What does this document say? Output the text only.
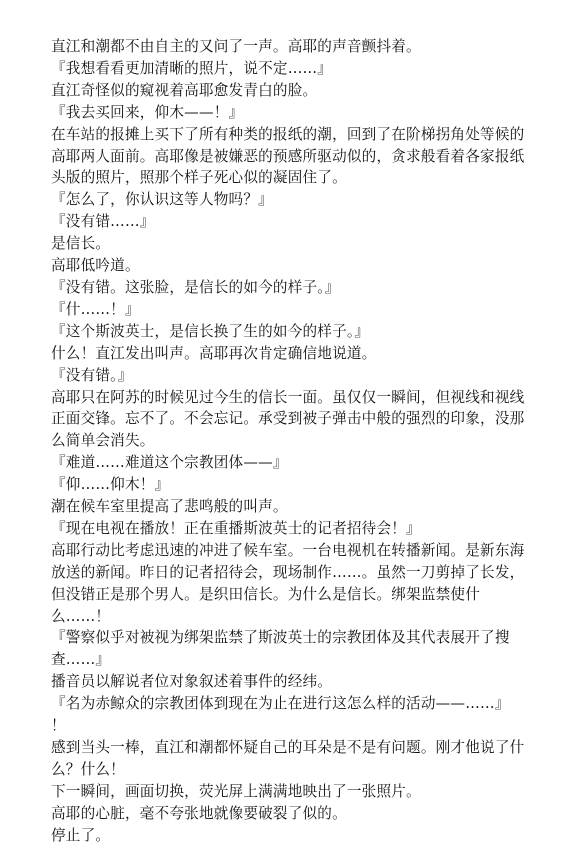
直江和潮都不由自主的又问了一声。高耶的声音颤抖着。

『我想看看更加清晰的照片，说不定……』

直江奇怪似的窥视着高耶愈发青白的脸。

『我去买回来，仰木——！』

在车站的报摊上买下了所有种类的报纸的潮，回到了在阶梯拐角处等候的高耶两人面前。高耶像是被嫌恶的预感所驱动似的，贪求般看着各家报纸头版的照片，照那个样子死心似的凝固住了。

『怎么了，你认识这等人物吗？』

『没有错……』

是信长。

高耶低吟道。

『没有错。这张脸，是信长的如今的样子。』

『什……！』

『这个斯波英士，是信长换了生的如今的样子。』

什么！直江发出叫声。高耶再次肯定确信地说道。

『没有错。』

高耶只在阿苏的时候见过今生的信长一面。虽仅仅一瞬间，但视线和视线正面交锋。忘不了。不会忘记。承受到被子弹击中般的强烈的印象，没那么简单会消失。

『难道……难道这个宗教团体——』

『仰……仰木！』

潮在候车室里提高了悲鸣般的叫声。

『现在电视在播放！正在重播斯波英士的记者招待会！』

高耶行动比考虑迅速的冲进了候车室。一台电视机在转播新闻。是新东海放送的新闻。昨日的记者招待会，现场制作……。虽然一刀剪掉了长发，但没错正是那个男人。是织田信长。为什么是信长。绑架监禁使什么……！

『警察似乎对被视为绑架监禁了斯波英士的宗教团体及其代表展开了搜查……』

播音员以解说者位对象叙述着事件的经纬。

『名为赤鲸众的宗教团体到现在为止在进行这怎么样的活动——……』

！

感到当头一棒，直江和潮都怀疑自己的耳朵是不是有问题。刚才他说了什么？什么！

下一瞬间，画面切换，荧光屏上满满地映出了一张照片。

高耶的心脏，毫不夸张地就像要破裂了似的。

停止了。
